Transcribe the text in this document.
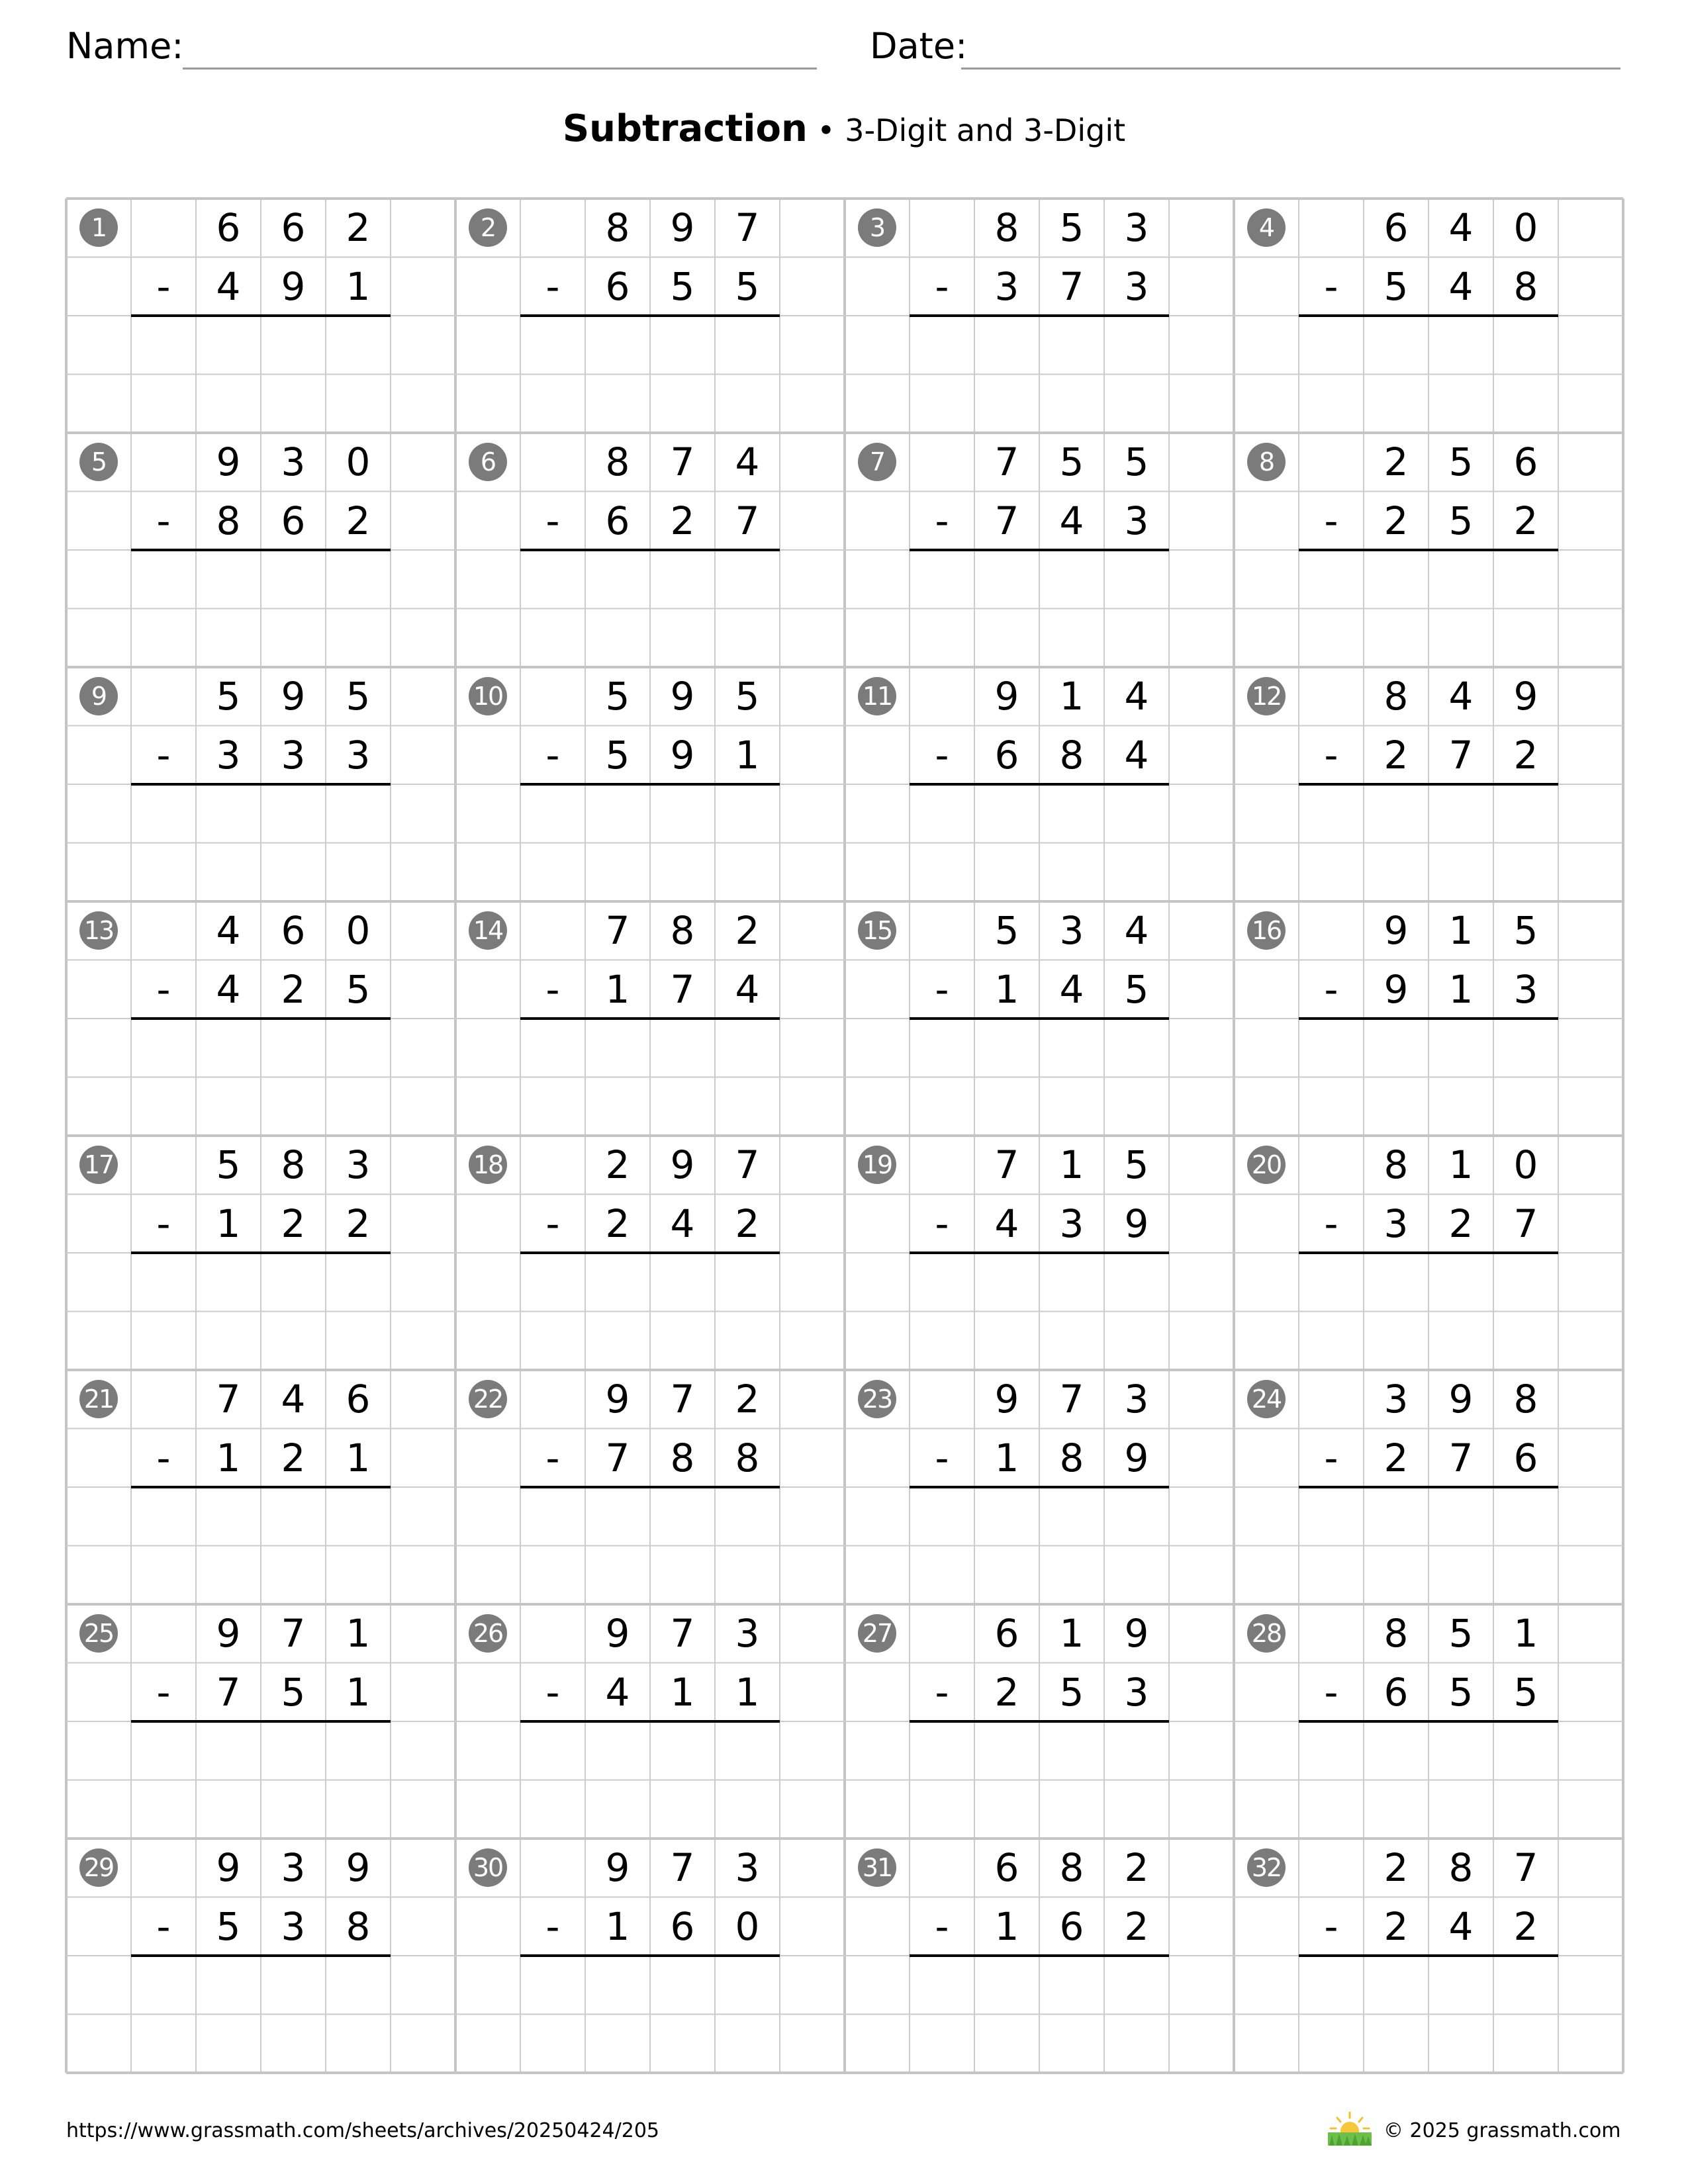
Name:	Date:
Subtraction • 3-Digit and 3-Digit
1	6	6	2
-	4	9	1
2	8	9	7
-	6	5	5
3	8	5	3
-	3	7	3
4	6	4	0
-	5	4	8
5	9	3	0
-	8	6	2
6	8	7	4
-	6	2	7
7	7	5	5
-	7	4	3
8	2	5	6
-	2	5	2
9	5	9	5
-	3	3	3
10	5	9	5
-	5	9	1
11	9	1	4
-	6	8	4
12	8	4	9
-	2	7	2
13	4	6	0
-	4	2	5
14	7	8	2
-	1	7	4
15	5	3	4
-	1	4	5
16	9	1	5
-	9	1	3
17	5	8	3
-	1	2	2
18	2	9	7
-	2	4	2
19	7	1	5
-	4	3	9
20	8	1	0
-	3	2	7
21	7	4	6
-	1	2	1
22	9	7	2
-	7	8	8
23	9	7	3
-	1	8	9
24	3	9	8
-	2	7	6
25	9	7	1
-	7	5	1
26	9	7	3
-	4	1	1
27	6	1	9
-	2	5	3
28	8	5	1
-	6	5	5
29	9	3	9
-	5	3	8
30	9	7	3
-	1	6	0
31	6	8	2
-	1	6	2
32	2	8	7
-	2	4	2
https://www.grassmath.com/sheets/archives/20250424/205	© 2025 grassmath.com
